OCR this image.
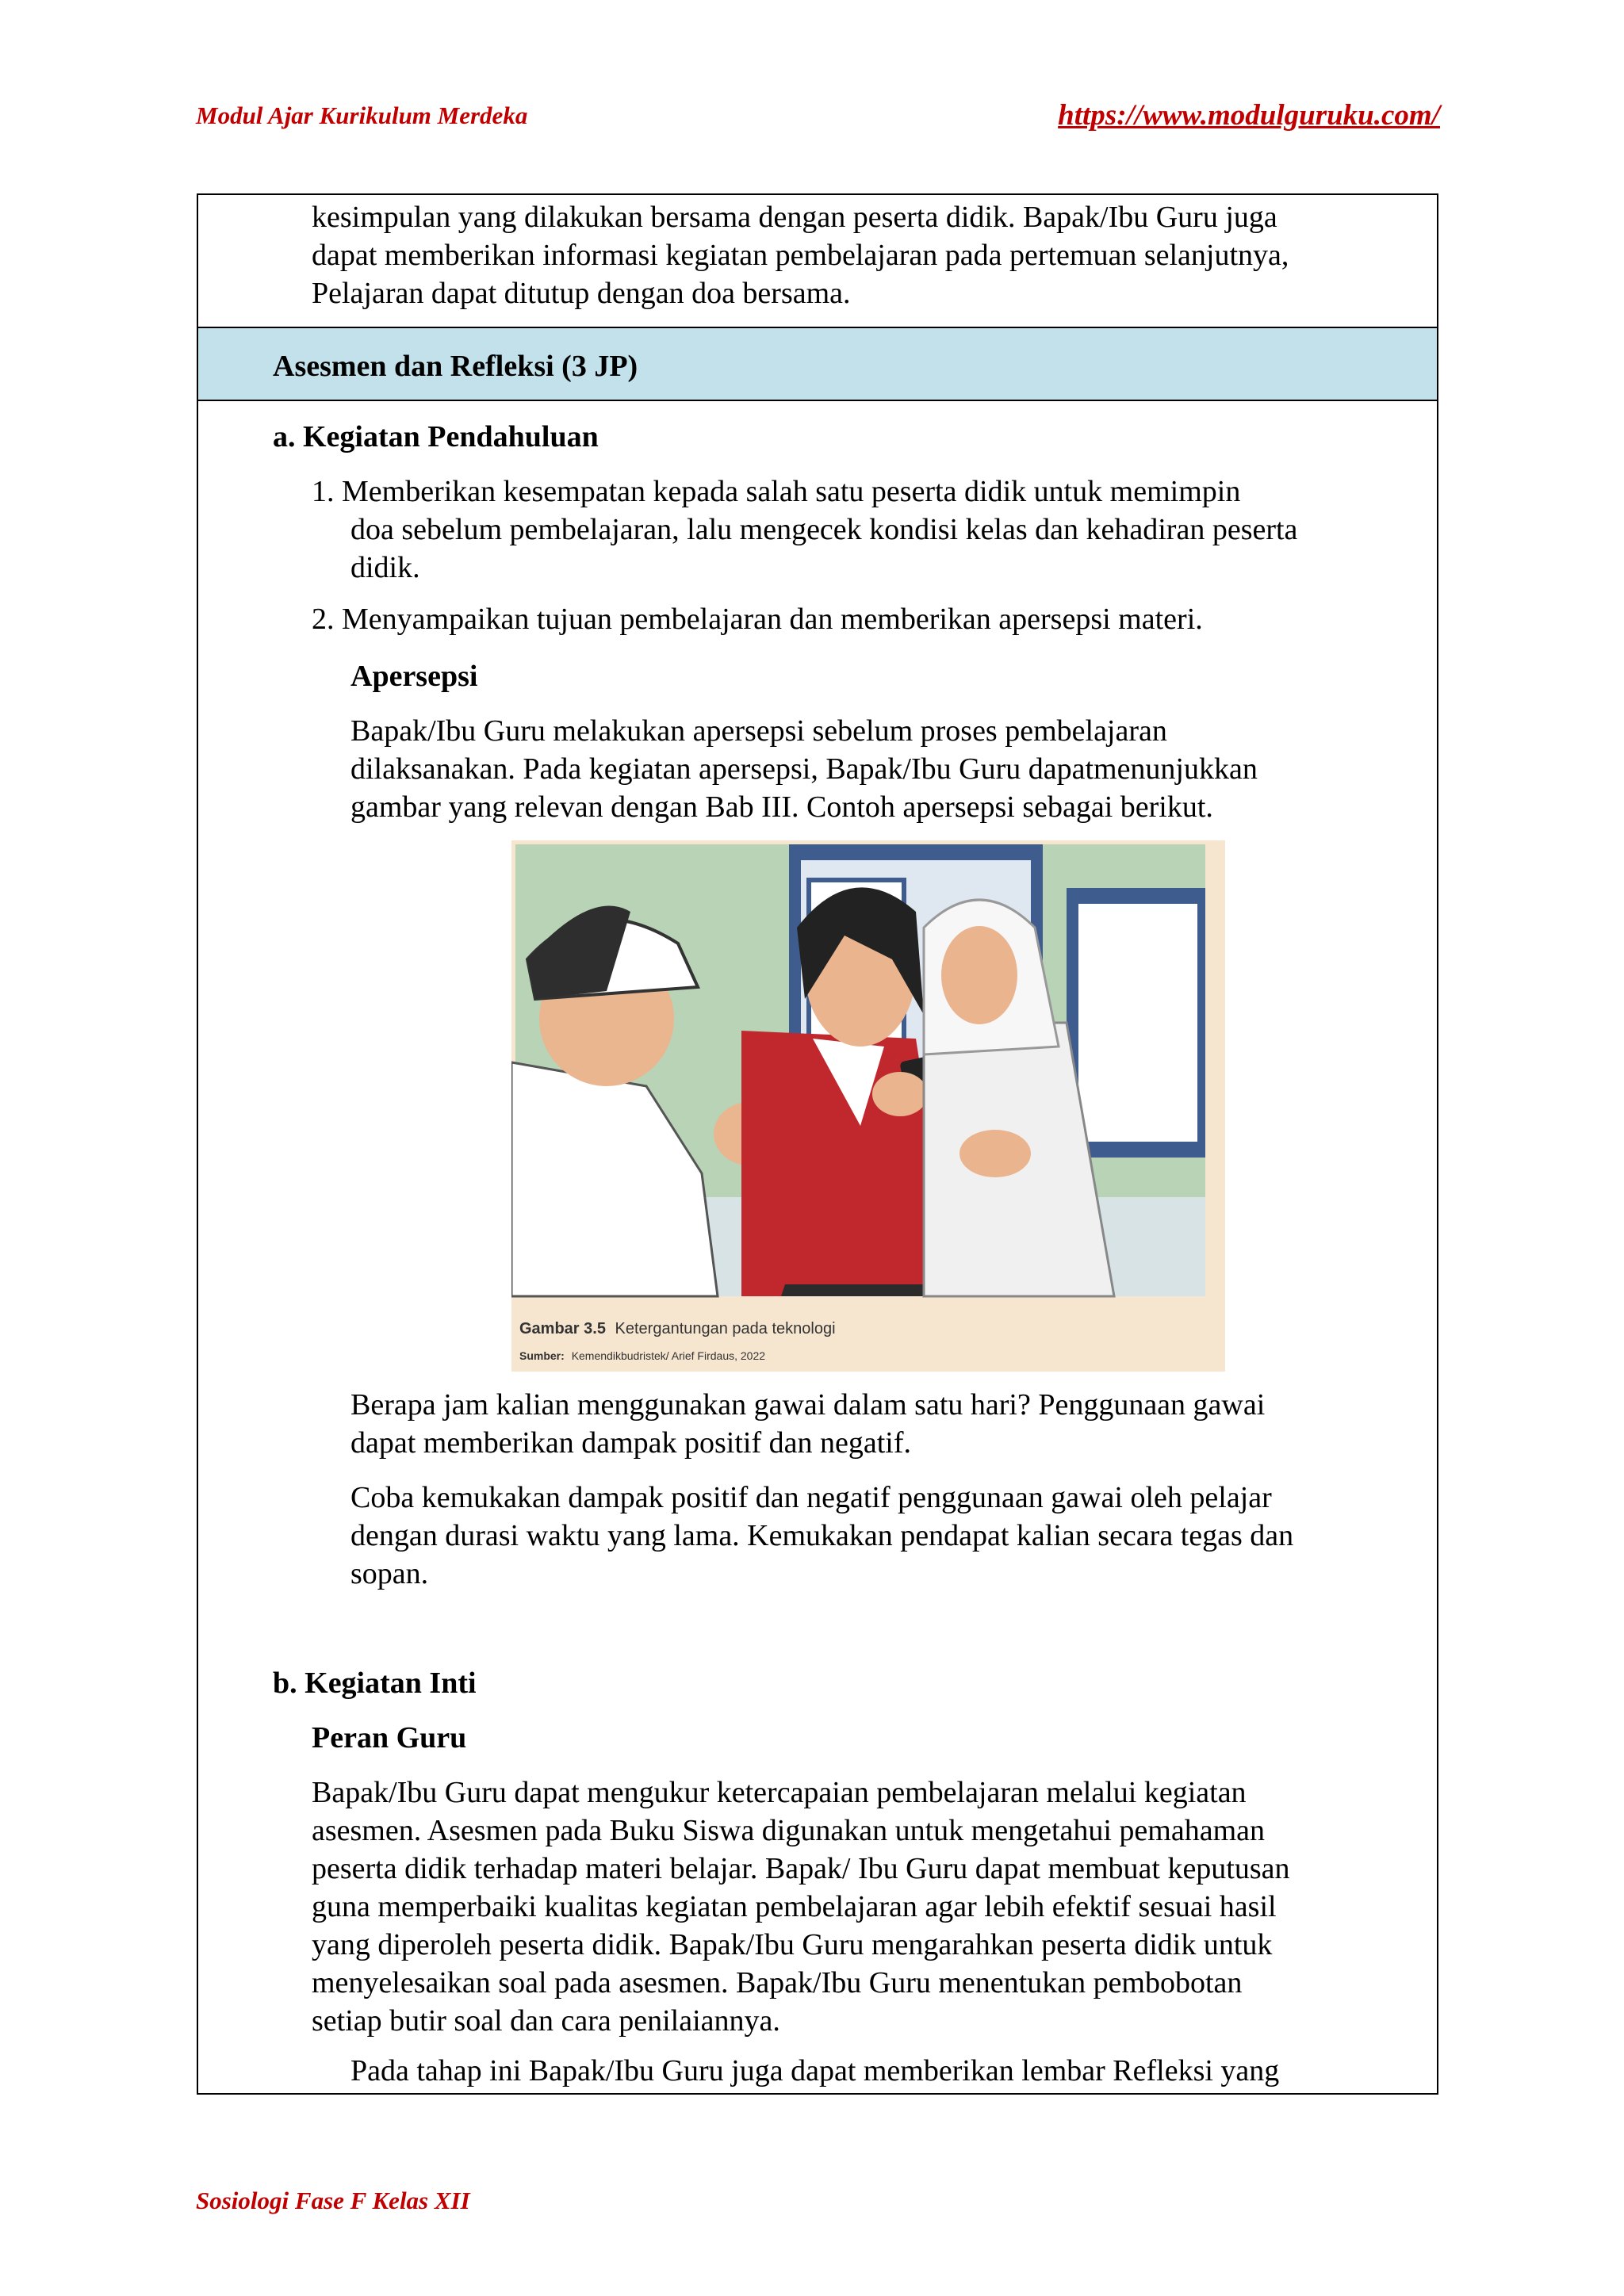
Modul Ajar Kurikulum Merdeka	https://www.modulguruku.com/
kesimpulan yang dilakukan bersama dengan peserta didik. Bapak/Ibu Guru juga
dapat memberikan informasi kegiatan pembelajaran pada pertemuan selanjutnya,
Pelajaran dapat ditutup dengan doa bersama.
Asesmen dan Refleksi (3 JP)
a. Kegiatan Pendahuluan
1. Memberikan kesempatan kepada salah satu peserta didik untuk memimpin
doa sebelum pembelajaran, lalu mengecek kondisi kelas dan kehadiran peserta
didik.
2. Menyampaikan tujuan pembelajaran dan memberikan apersepsi materi.
Apersepsi
Bapak/Ibu Guru melakukan apersepsi sebelum proses pembelajaran
dilaksanakan. Pada kegiatan apersepsi, Bapak/Ibu Guru dapatmenunjukkan
gambar yang relevan dengan Bab III. Contoh apersepsi sebagai berikut.
Gambar 3.5 Ketergantungan pada teknologi
Sumber: Kemendikbudristek/ Arief Firdaus, 2022
Berapa jam kalian menggunakan gawai dalam satu hari? Penggunaan gawai
dapat memberikan dampak positif dan negatif.
Coba kemukakan dampak positif dan negatif penggunaan gawai oleh pelajar
dengan durasi waktu yang lama. Kemukakan pendapat kalian secara tegas dan
sopan.
b. Kegiatan Inti
Peran Guru
Bapak/Ibu Guru dapat mengukur ketercapaian pembelajaran melalui kegiatan
asesmen. Asesmen pada Buku Siswa digunakan untuk mengetahui pemahaman
peserta didik terhadap materi belajar. Bapak/ Ibu Guru dapat membuat keputusan
guna memperbaiki kualitas kegiatan pembelajaran agar lebih efektif sesuai hasil
yang diperoleh peserta didik. Bapak/Ibu Guru mengarahkan peserta didik untuk
menyelesaikan soal pada asesmen. Bapak/Ibu Guru menentukan pembobotan
setiap butir soal dan cara penilaiannya.
Pada tahap ini Bapak/Ibu Guru juga dapat memberikan lembar Refleksi yang
Sosiologi Fase F Kelas XII
